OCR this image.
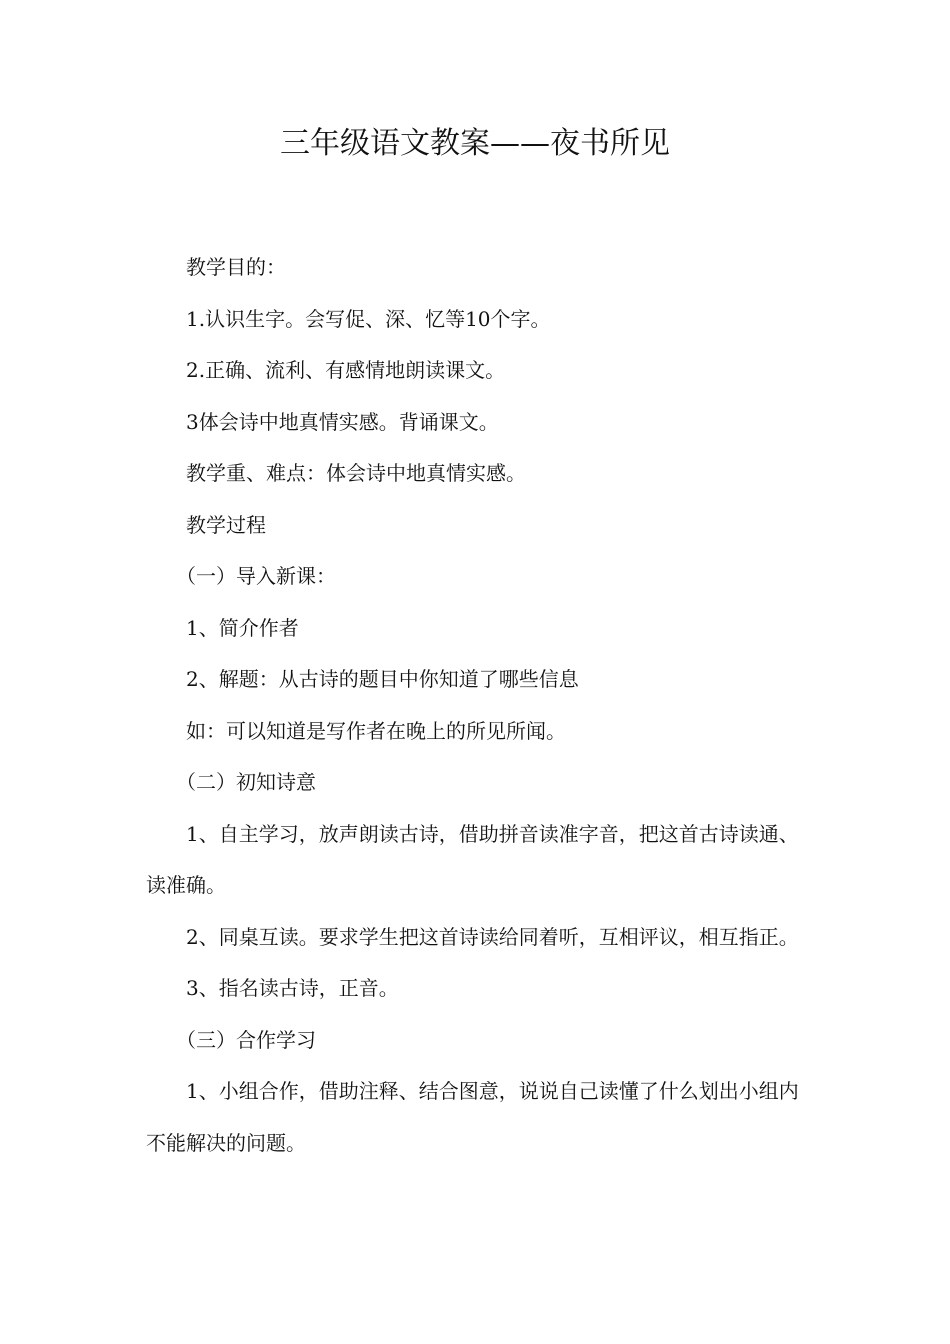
三年级语文教案——夜书所见

教学目的：

1.认识生字。会写促、深、忆等10个字。

2.正确、流利、有感情地朗读课文。

3体会诗中地真情实感。背诵课文。

教学重、难点：体会诗中地真情实感。

教学过程

（一）导入新课：

1、简介作者

2、解题：从古诗的题目中你知道了哪些信息

如：可以知道是写作者在晚上的所见所闻。

（二）初知诗意

1、自主学习，放声朗读古诗，借助拼音读准字音，把这首古诗读通、读准确。

2、同桌互读。要求学生把这首诗读给同着听，互相评议，相互指正。

3、指名读古诗，正音。

（三）合作学习

1、小组合作，借助注释、结合图意，说说自己读懂了什么划出小组内不能解决的问题。
